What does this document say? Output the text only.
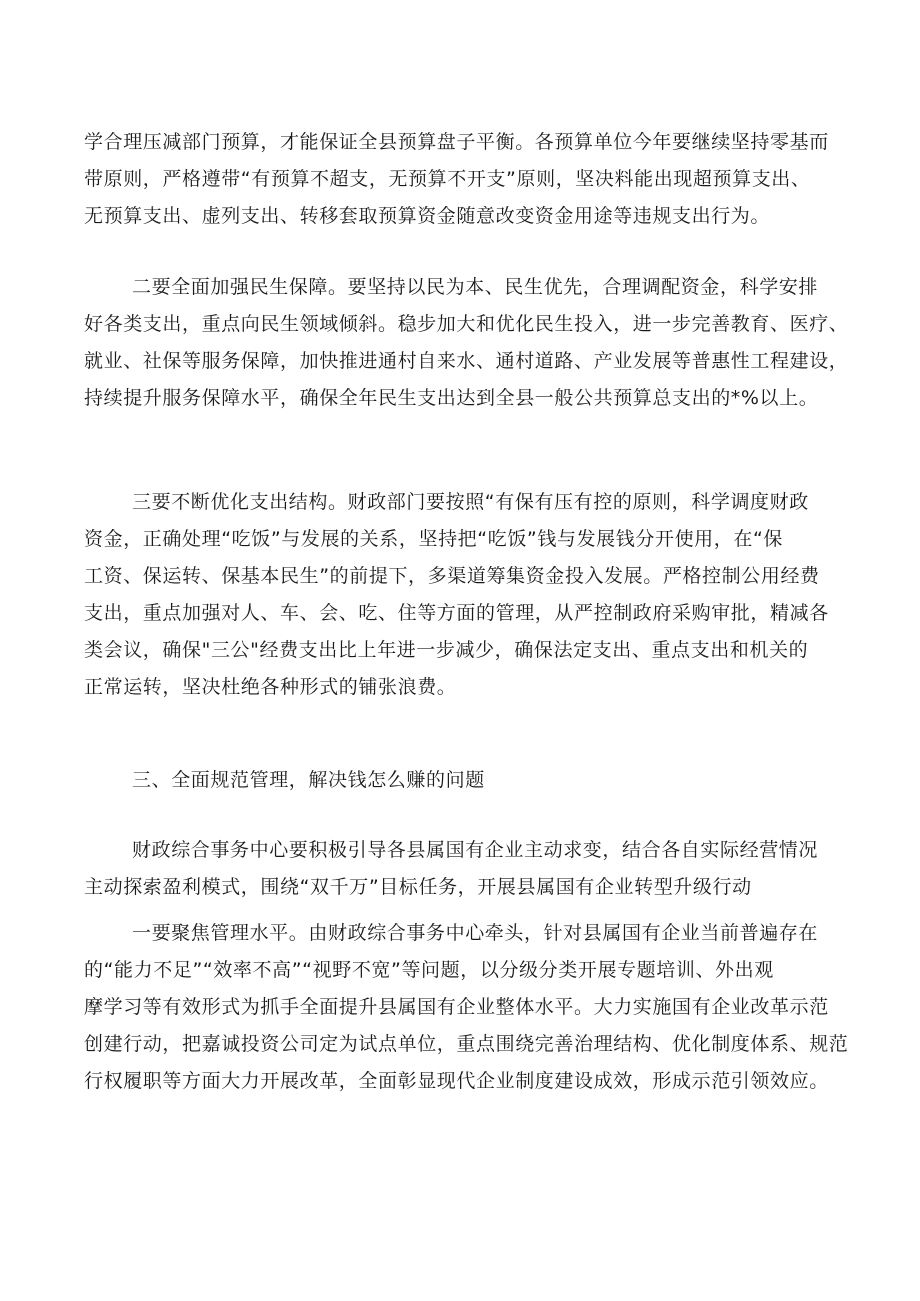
学合理压减部门预算，才能保证全县预算盘子平衡。各预算单位今年要继续坚持零基而
带原则，严格遵带“有预算不超支，无预算不开支”原则，坚决料能出现超预算支出、
无预算支出、虚列支出、转移套取预算资金随意改变资金用途等违规支出行为。
二要全面加强民生保障。要坚持以民为本、民生优先，合理调配资金，科学安排
好各类支出，重点向民生领域倾斜。稳步加大和优化民生投入，进一步完善教育、医疗、
就业、社保等服务保障，加快推进通村自来水、通村道路、产业发展等普惠性工程建设，
持续提升服务保障水平，确保全年民生支出达到全县一般公共预算总支出的*%以上。
三要不断优化支出结构。财政部门要按照“有保有压有控的原则，科学调度财政
资金，正确处理“吃饭”与发展的关系，坚持把“吃饭”钱与发展钱分开使用，在“保
工资、保运转、保基本民生”的前提下，多渠道筹集资金投入发展。严格控制公用经费
支出，重点加强对人、车、会、吃、住等方面的管理，从严控制政府采购审批，精减各
类会议，确保"三公"经费支出比上年进一步减少，确保法定支出、重点支出和机关的
正常运转，坚决杜绝各种形式的铺张浪费。
三、全面规范管理，解决钱怎么赚的问题
财政综合事务中心要积极引导各县属国有企业主动求变，结合各自实际经营情况
主动探索盈利模式，围绕“双千万”目标任务，开展县属国有企业转型升级行动
一要聚焦管理水平。由财政综合事务中心牵头，针对县属国有企业当前普遍存在
的“能力不足”“效率不高”“视野不宽”等问题，以分级分类开展专题培训、外出观
摩学习等有效形式为抓手全面提升县属国有企业整体水平。大力实施国有企业改革示范
创建行动，把嘉诚投资公司定为试点单位，重点围绕完善治理结构、优化制度体系、规范
行权履职等方面大力开展改革，全面彰显现代企业制度建设成效，形成示范引领效应。
